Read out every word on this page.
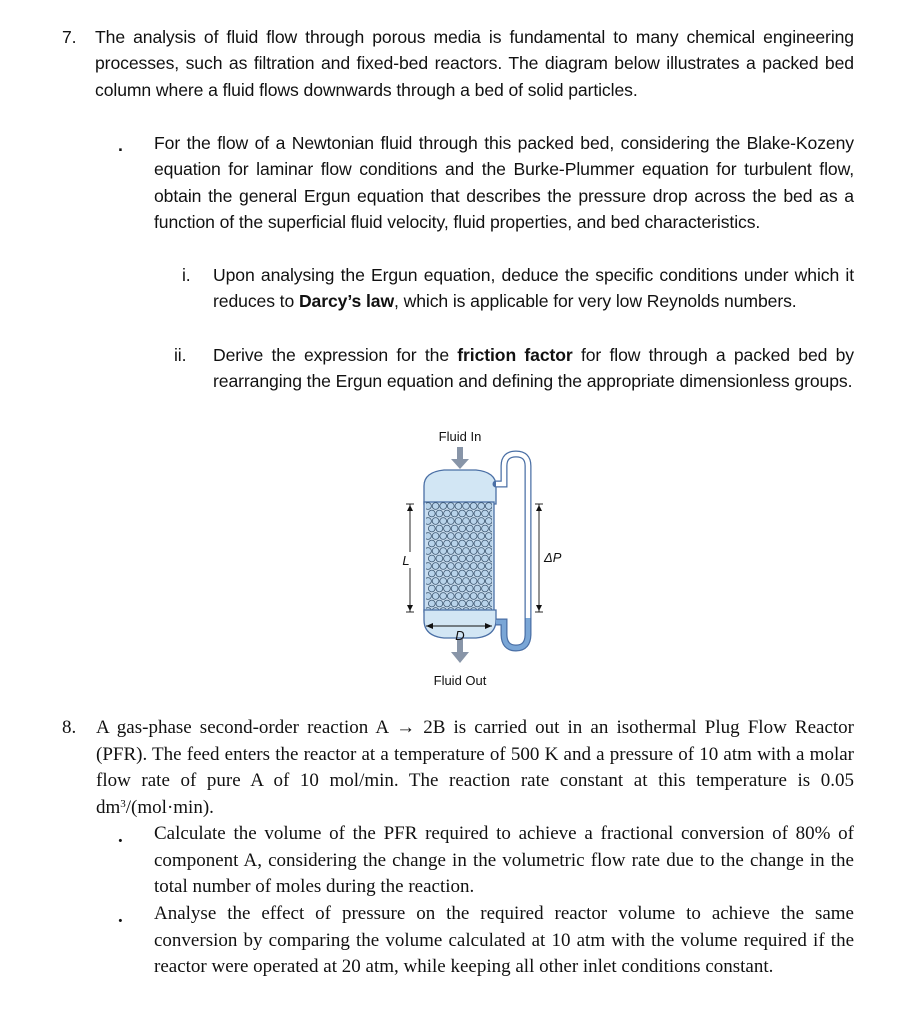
7. The analysis of fluid flow through porous media is fundamental to many chemical engineering processes, such as filtration and fixed-bed reactors. The diagram below illustrates a packed bed column where a fluid flows downwards through a bed of solid particles.
. For the flow of a Newtonian fluid through this packed bed, considering the Blake-Kozeny equation for laminar flow conditions and the Burke-Plummer equation for turbulent flow, obtain the general Ergun equation that describes the pressure drop across the bed as a function of the superficial fluid velocity, fluid properties, and bed characteristics.
i. Upon analysing the Ergun equation, deduce the specific conditions under which it reduces to Darcy’s law, which is applicable for very low Reynolds numbers.
ii. Derive the expression for the friction factor for flow through a packed bed by rearranging the Ergun equation and defining the appropriate dimensionless groups.
Fluid In
Fluid Out
L
D
ΔP
8. A gas-phase second-order reaction A → 2B is carried out in an isothermal Plug Flow Reactor (PFR). The feed enters the reactor at a temperature of 500 K and a pressure of 10 atm with a molar flow rate of pure A of 10 mol/min. The reaction rate constant at this temperature is 0.05 $dm^3/(mol\cdot\min)$.
. Calculate the volume of the PFR required to achieve a fractional conversion of 80% of component A, considering the change in the volumetric flow rate due to the change in the total number of moles during the reaction.
. Analyse the effect of pressure on the required reactor volume to achieve the same conversion by comparing the volume calculated at 10 atm with the volume required if the reactor were operated at 20 atm, while keeping all other inlet conditions constant.
